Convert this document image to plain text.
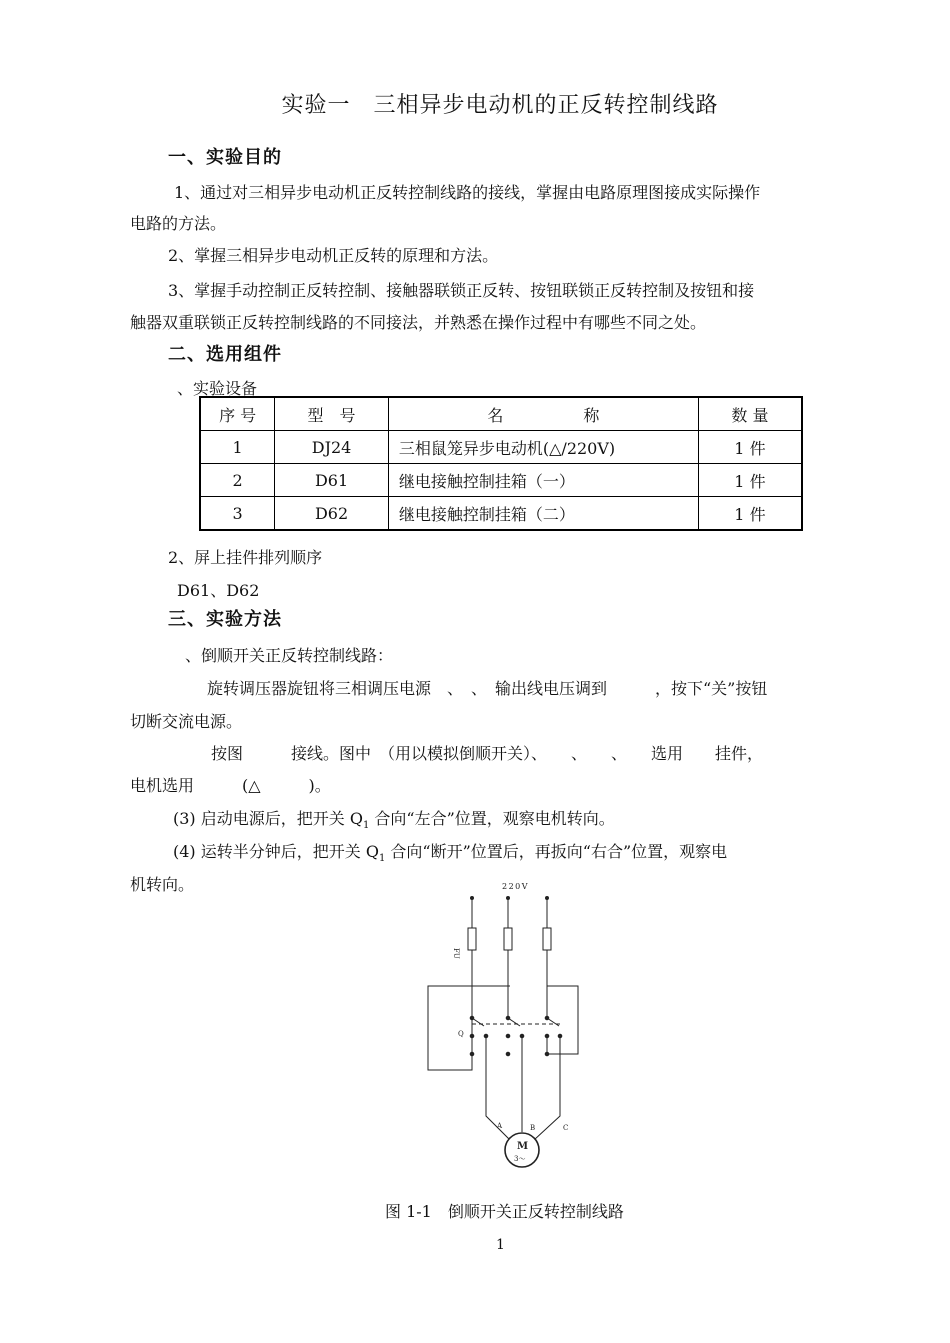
实验一　三相异步电动机的正反转控制线路
一、实验目的
1、通过对三相异步电动机正反转控制线路的接线，掌握由电路原理图接成实际操作
电路的方法。
2、掌握三相异步电动机正反转的原理和方法。
3、掌握手动控制正反转控制、接触器联锁正反转、按钮联锁正反转控制及按钮和接
触器双重联锁正反转控制线路的不同接法，并熟悉在操作过程中有哪些不同之处。
二、选用组件
、实验设备
序 号	型　号	名　　　　　称	数 量
1	DJ24	三相鼠笼异步电动机(△/220V)	1 件
2	D61	继电接触控制挂箱（一）	1 件
3	D62	继电接触控制挂箱（二）	1 件
2、屏上挂件排列顺序
D61、D62
三、实验方法
、倒顺开关正反转控制线路：
旋转调压器旋钮将三相调压电源　、　、　输出线电压调到　　　，按下“关”按钮
切断交流电源。
按图　　　接线。图中　（用以模拟倒顺开关）、　　、　　、　　选用　　挂件，
电机选用　　　(△　　　)。
(3) 启动电源后，把开关 $Q_1$ 合向“左合”位置，观察电机转向。
(4) 运转半分钟后，把开关 $Q_1$ 合向“断开”位置后，再扳向“右合”位置，观察电
机转向。	220V
FU
Q
A	B	C
M
3～
图 1-1　倒顺开关正反转控制线路
1
